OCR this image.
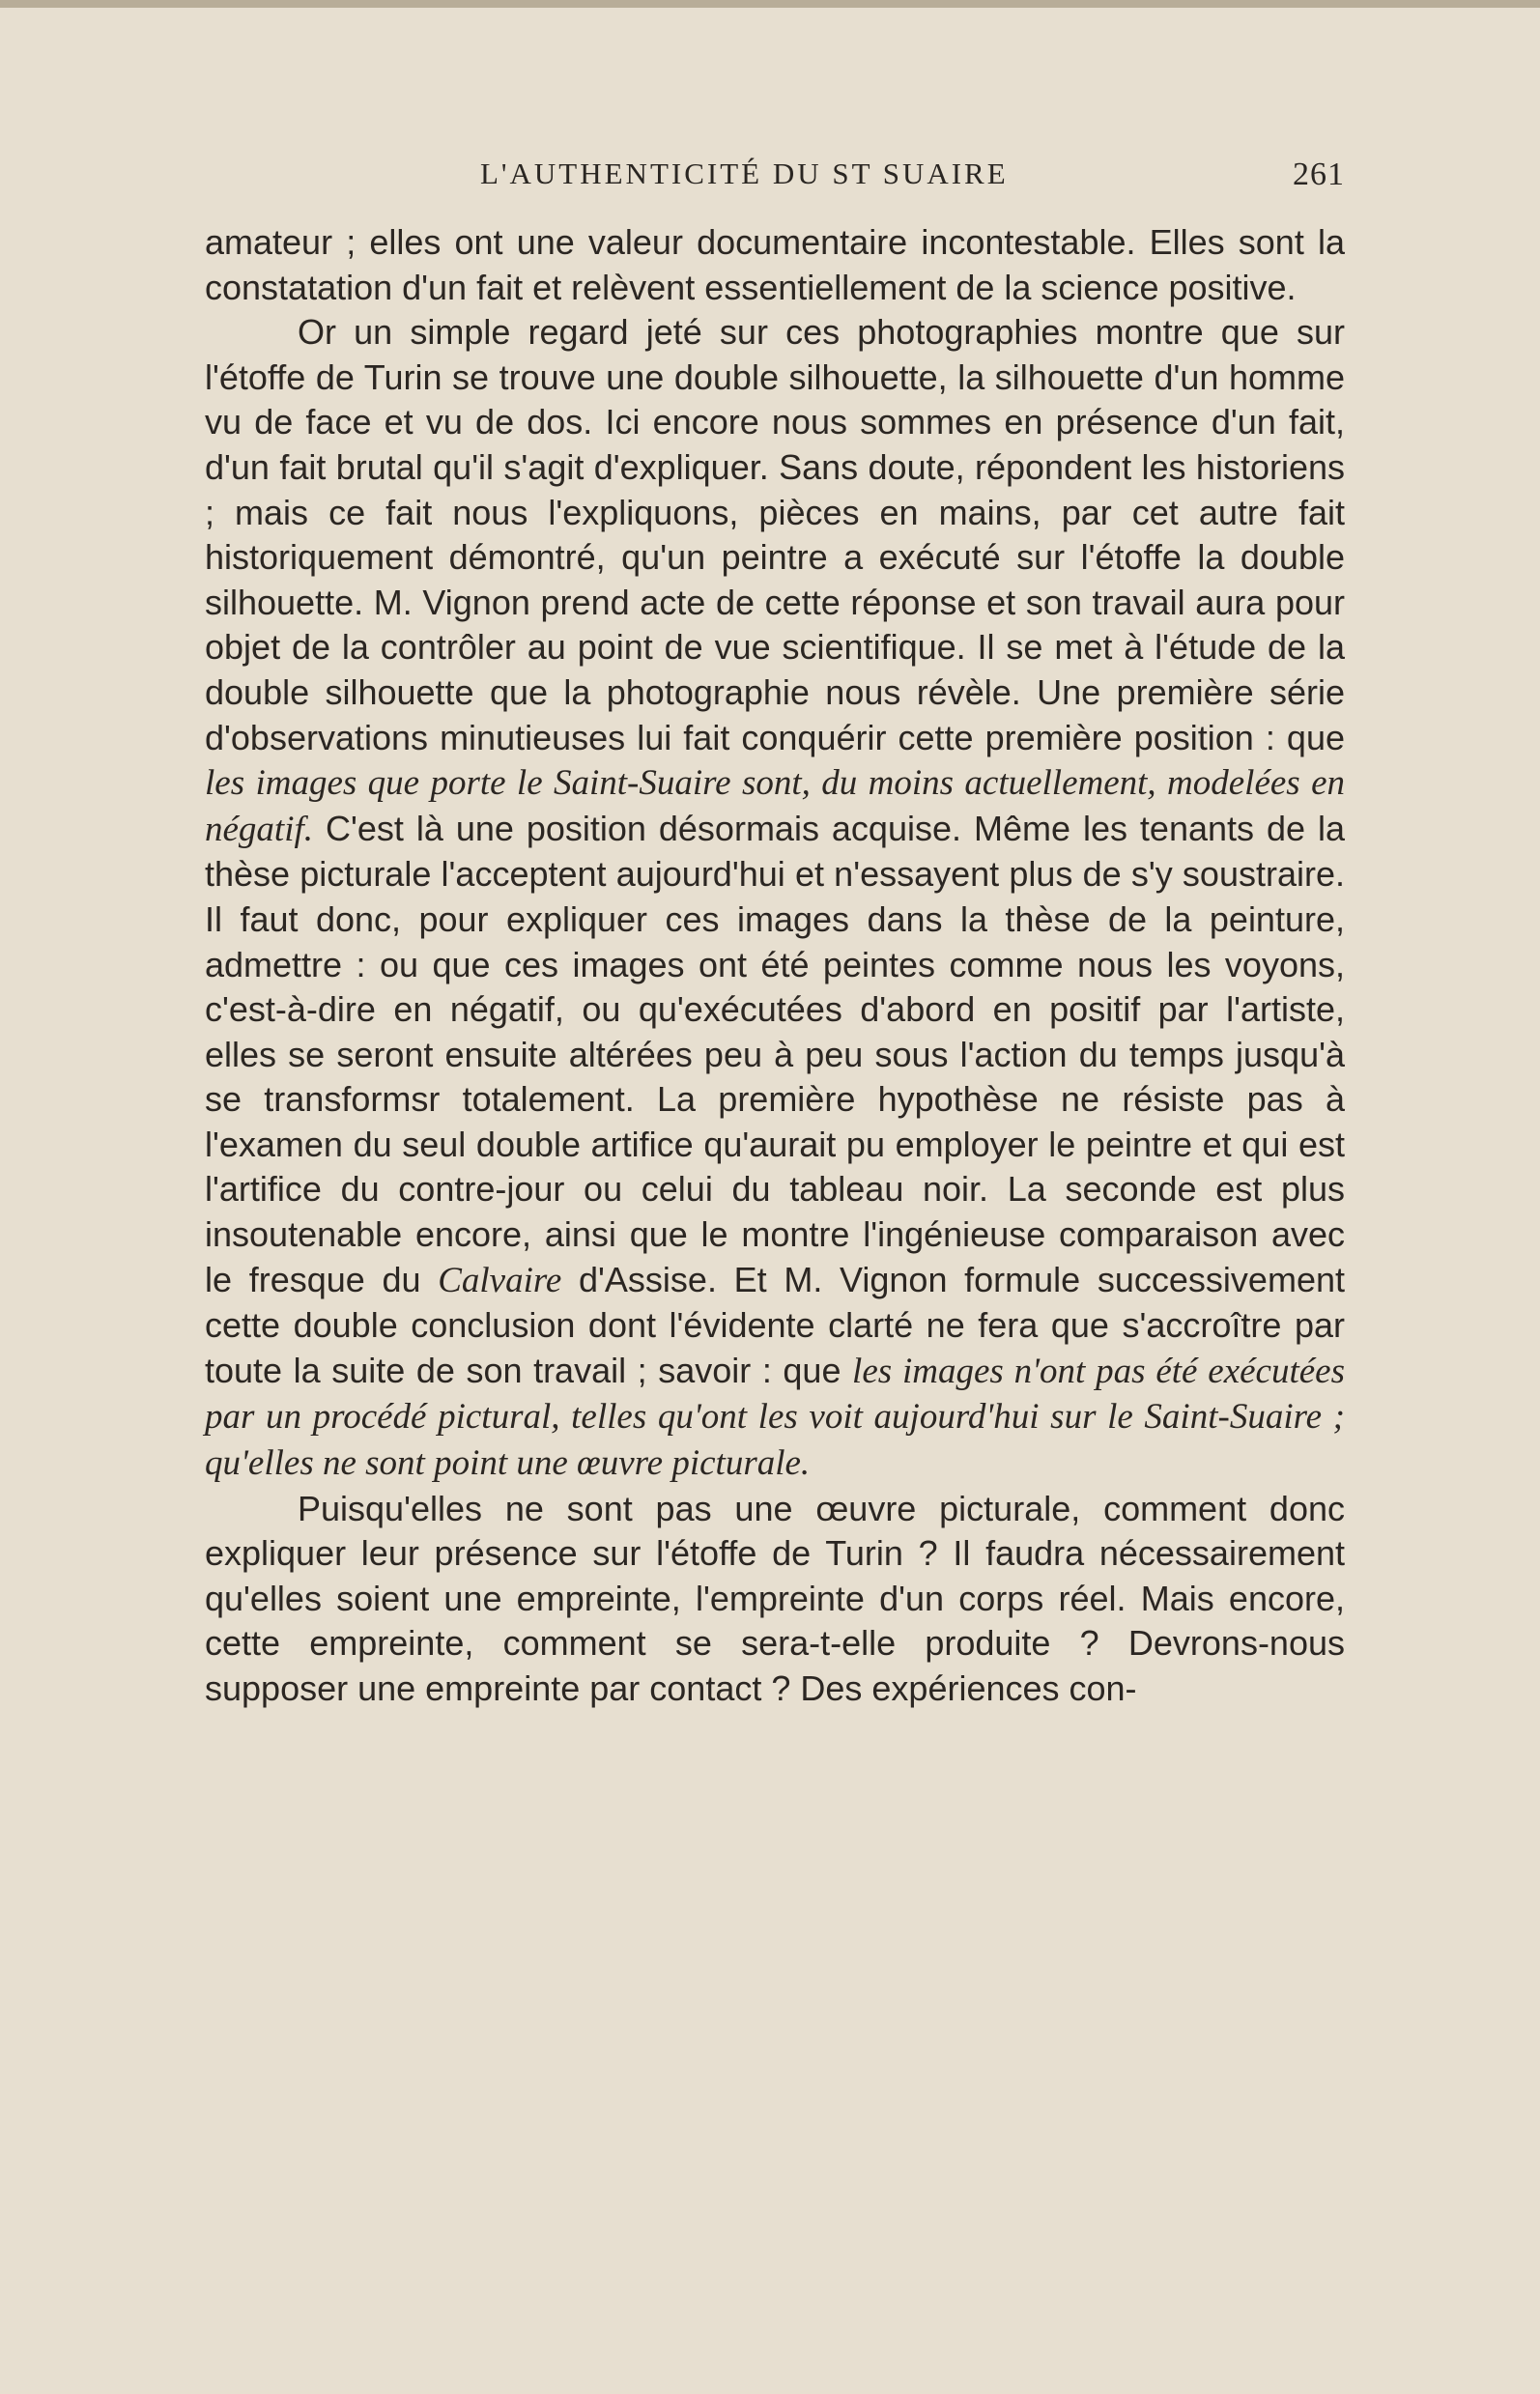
L'AUTHENTICITÉ DU ST SUAIRE	261

amateur ; elles ont une valeur documentaire incontestable. Elles sont la constatation d'un fait et relèvent essentiellement de la science positive.

Or un simple regard jeté sur ces photographies montre que sur l'étoffe de Turin se trouve une double silhouette, la silhouette d'un homme vu de face et vu de dos. Ici encore nous sommes en présence d'un fait, d'un fait brutal qu'il s'agit d'expliquer. Sans doute, répondent les historiens ; mais ce fait nous l'expliquons, pièces en mains, par cet autre fait historiquement démontré, qu'un peintre a exécuté sur l'étoffe la double silhouette. M. Vignon prend acte de cette réponse et son travail aura pour objet de la contrôler au point de vue scientifique. Il se met à l'étude de la double silhouette que la photographie nous révèle. Une première série d'observations minutieuses lui fait conquérir cette première position : que les images que porte le Saint-Suaire sont, du moins actuellement, modelées en négatif. C'est là une position désormais acquise. Même les tenants de la thèse picturale l'acceptent aujourd'hui et n'essayent plus de s'y soustraire. Il faut donc, pour expliquer ces images dans la thèse de la peinture, admettre : ou que ces images ont été peintes comme nous les voyons, c'est-à-dire en négatif, ou qu'exécutées d'abord en positif par l'artiste, elles se seront ensuite altérées peu à peu sous l'action du temps jusqu'à se transformsr totalement. La première hypothèse ne résiste pas à l'examen du seul double artifice qu'aurait pu employer le peintre et qui est l'artifice du contre-jour ou celui du tableau noir. La seconde est plus insoutenable encore, ainsi que le montre l'ingénieuse comparaison avec le fresque du Calvaire d'Assise. Et M. Vignon formule successivement cette double conclusion dont l'évidente clarté ne fera que s'accroître par toute la suite de son travail ; savoir : que les images n'ont pas été exécutées par un procédé pictural, telles qu'ont les voit aujourd'hui sur le Saint-Suaire ; qu'elles ne sont point une œuvre picturale.

Puisqu'elles ne sont pas une œuvre picturale, comment donc expliquer leur présence sur l'étoffe de Turin ? Il faudra nécessairement qu'elles soient une empreinte, l'empreinte d'un corps réel. Mais encore, cette empreinte, comment se sera-t-elle produite ? Devrons-nous supposer une empreinte par contact ? Des expériences con-
